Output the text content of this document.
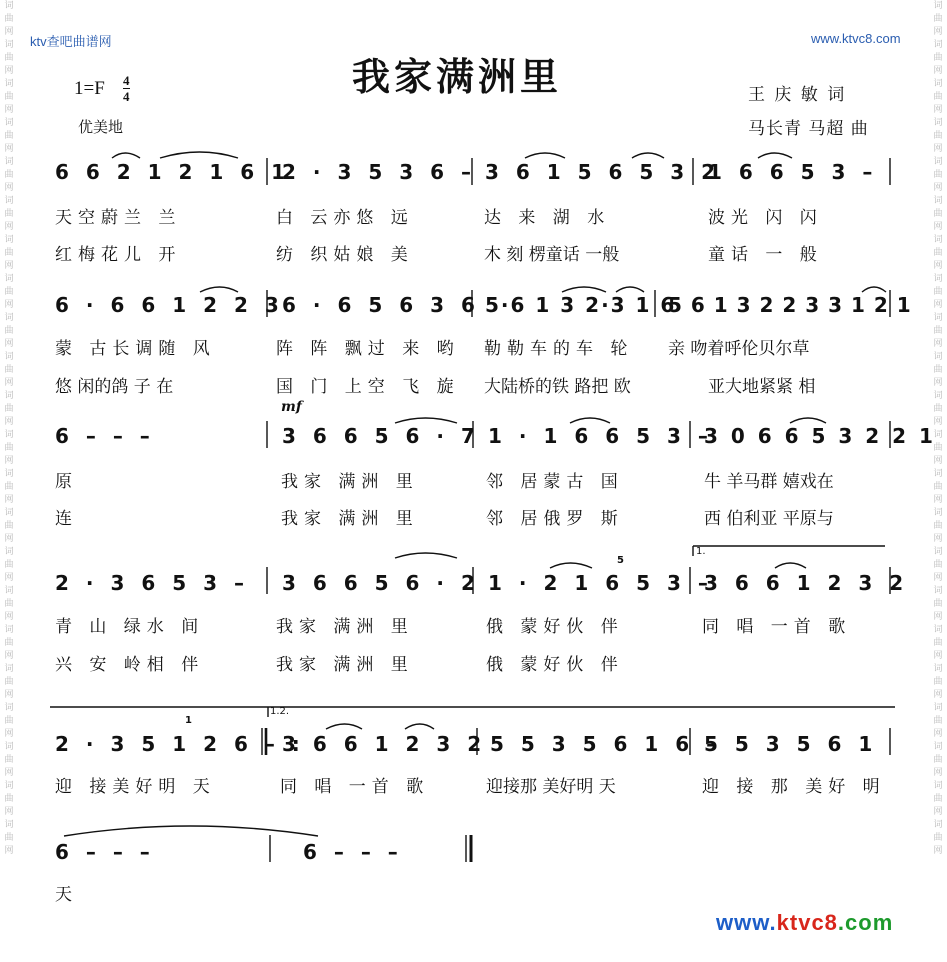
词曲网 词曲网 词曲网 词曲网 词曲网 词曲网 词曲网 词曲网 词曲网 词曲网 词曲网 词曲网 词曲网 词曲网 词曲网 词曲网 词曲网 词曲网 词曲网 词曲网 词曲网 词曲网
词曲网 词曲网 词曲网 词曲网 词曲网 词曲网 词曲网 词曲网 词曲网 词曲网 词曲网 词曲网 词曲网 词曲网 词曲网 词曲网 词曲网 词曲网 词曲网 词曲网 词曲网 词曲网
ktv查吧曲谱网	www.ktvc8.com
我家满洲里
1=F 4
4
优美地
王 庆 敏 词
马长青 马超 曲
6 6 2 1 2 1 6 1
2 · 3 5 3 6 – 3 6 1 5 6 5 3 2
1 6 6 5 3 –
天空蔚兰 兰	白 云亦悠 远	达 来 湖 水	波光 闪 闪
红梅花儿 开	纺 织姑娘 美	木 刻 楞童话 一般	童话 一 般
6 · 6 6 1 2 2 3
6 · 6 5 6 3 6 5·6 1 3 2·3 1 6
5 6 1 3 2 2 3 3 1 2 1
蒙 古长调随 风	阵 阵 飘过 来 哟 勒勒车的车 轮 亲 吻着呼伦贝尔草
悠 闲的鸽 子 在	国 门 上空 飞 旋 大陆桥的铁 路把 欧	亚大地紧紧 相
mf
6 – – –	3 6 6 5 6 · 7 1 · 1 6 6 5 3 –
3 0 6 6 5 3 2 2 1
原	我家 满洲 里	邻 居蒙古 国	牛 羊马群 嬉戏在
连	我家 满洲 里	邻 居俄罗 斯	西 伯利亚 平原与
1.
5
2 · 3 6 5 3 – 3 6 6 5 6 · 2 1 · 2 1 6 5 3 –
3 6 6 1 2 3 2
青 山 绿水 间	我家 满洲 里	俄 蒙好伙 伴	同 唱 一首 歌
兴 安 岭相 伴	我家 满洲 里	俄 蒙好伙 伴
1.2.
1
2 · 3 5 1 2 6 – :
3 6 6 1 2 3 2 5 5 3 5 6 1 6 –
5 5 3 5 6 1
迎 接美好明 天	同 唱 一首 歌	迎接那 美好明 天	迎 接 那 美好 明
6 – – –	6 – – –
天
www.ktvc8.com
